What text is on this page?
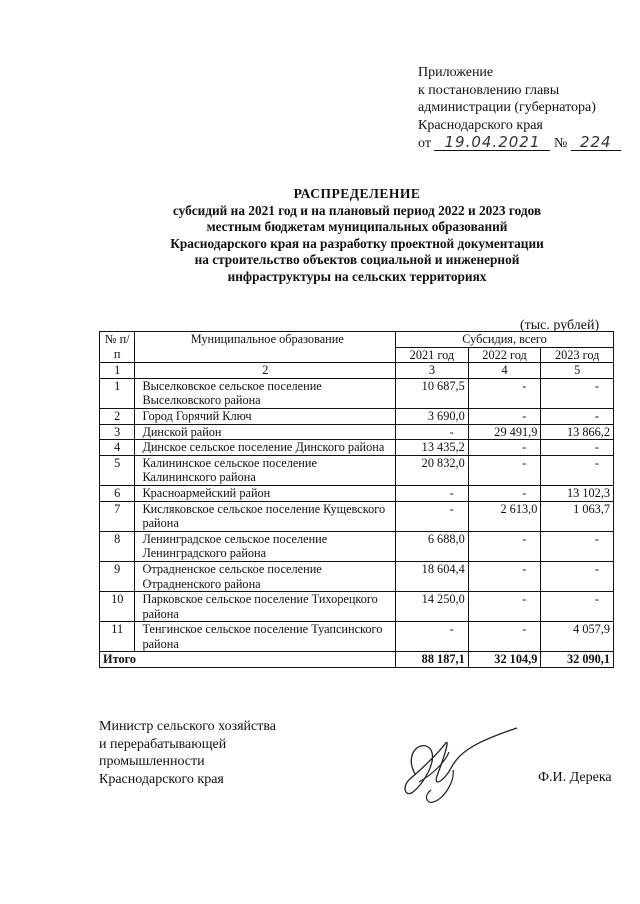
Приложение
к постановлению главы
администрации (губернатора)
Краснодарского края
от 19.04.2021 № 224
РАСПРЕДЕЛЕНИЕ
субсидий на 2021 год и на плановый период 2022 и 2023 годов
местным бюджетам муниципальных образований
Краснодарского края на разработку проектной документации
на строительство объектов социальной и инженерной
инфраструктуры на сельских территориях
(тыс. рублей)
№ п/п	Муниципальное образование	Субсидия, всего		
		2021 год	2022 год	2023 год
1	2	3	4	5
1	Выселковское сельское поселение Выселковского района	10 687,5	-	-
2	Город Горячий Ключ	3 690,0	-	-
3	Динской район	-	29 491,9	13 866,2
4	Динское сельское поселение Динского района	13 435,2	-	-
5	Калининское сельское поселение Калининского района	20 832,0	-	-
6	Красноармейский район	-	-	13 102,3
7	Кисляковское сельское поселение Кущевского района	-	2 613,0	1 063,7
8	Ленинградское сельское поселение Ленинградского района	6 688,0	-	-
9	Отрадненское сельское поселение Отрадненского района	18 604,4	-	-
10	Парковское сельское поселение Тихорецкого района	14 250,0	-	-
11	Тенгинское сельское поселение Туапсинского района	-	-	4 057,9
Итого		88 187,1	32 104,9	32 090,1
Министр сельского хозяйства
и перерабатывающей
промышленности
Краснодарского края	Ф.И. Дерека
